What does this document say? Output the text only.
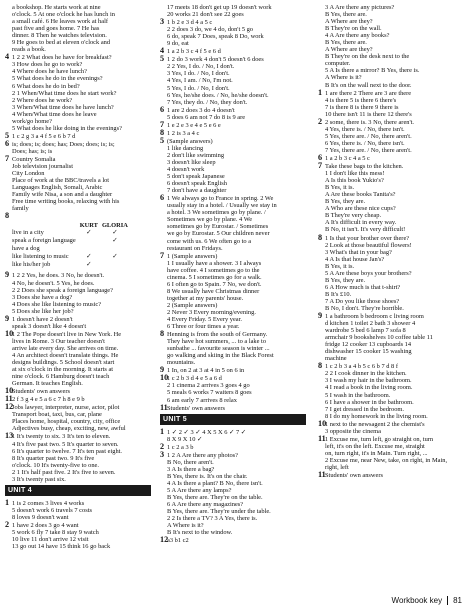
a bookshop. He starts work at nine
o'clock. 5 At one o'clock he has lunch in
a small café. 6 He leaves work at half
past five and goes home. 7 He has
dinner. 8 Then he watches television.
9 He goes to bed at eleven o'clock and
reads a book.
4 1 2 2 What does he have for breakfast?
3 How does he go to work?
4 Where does he have lunch?
5 What does he do in the evenings?
6 What does he do in bed?
2 1 When/What time does he start work?
2 Where does he work?
3 When/What time does he have lunch?
4 When/What time does he leave
work/go home?
5 What does he like doing in the evenings?
5 1 c 2 g 3 a 4 f 5 e 6 b 7 d
6 is; does; is; does; has; Does; does; is; is;
Does; has; is; is
7 Country Somalia
Job television journalist
City London
Place of work at the BBC/travels a lot
Languages English, Somali, Arabic
Family wife Nisa, a son and a daughter
Free time writing books, relaxing with his
family
8
	KURT	GLORIA
live in a city	✓	✓
speak a foreign language		✓
have a dog		
like listening to music	✓	✓
like his/her job	✓	
9 1 2 2 Yes, he does. 3 No, he doesn't.
4 No, he doesn't. 5 Yes, he does.
2 2 Does she speak a foreign language?
3 Does she have a dog?
4 Does she like listening to music?
5 Does she like her job?
9 1 doesn't have 2 doesn't
speak 3 doesn't like 4 doesn't
101 2 The Pope doesn't live in New York. He
lives in Rome. 3 Our teacher doesn't
arrive late every day. She arrives on time.
4 An architect doesn't translate things. He
designs buildings. 5 School doesn't start
at six o'clock in the morning. It starts at
nine o'clock. 6 Hamburg doesn't teach
German. It teaches English.
10Students' own answers
112 f 3 g 4 e 5 a 6 c 7 h 8 e 9 b
12Jobs lawyer, interpreter, nurse, actor, pilot
Transport boat, taxi, bus, car, plane
Places home, hospital, country, city, office
Adjectives busy, cheap, exciting, new, awful
131 It's twenty to six. 3 It's ten to eleven.
4 It's five past two. 5 It's quarter to seven.
6 It's quarter to twelve. 7 It's ten past eight.
8 It's quarter past two. 9 It's five
o'clock. 10 It's twenty-five to one.
2 1 It's half past five. 2 It's five to seven.
3 It's twenty past six.
UNIT 4
1 1 is 2 comes 3 lives 4 works
5 doesn't work 6 travels 7 costs
8 loves 9 doesn't want
2 1 have 2 does 3 go 4 want
5 work 6 fly 7 take 8 stay 9 watch
10 live 11 don't arrive 12 visit
13 go out 14 have 15 think 16 go back
17 meets 18 don't get up 19 doesn't work
20 works 21 don't see 22 goes
3 1 b 2 e 3 d 4 a 5 c
2 2 does 3 do, we 4 do, don't 5 go
6 do, speak 7 Does, speak 8 Do, work
9 do, eat
4 1 a 2 b 3 c 4 f 5 e 6 d
5 1 2 do 3 work 4 don't 5 doesn't 6 does
2 2 Yes, I do. / No, I don't.
3 Yes, I do. / No, I don't.
4 Yes, I am. / No, I'm not.
5 Yes, I do. / No, I don't.
6 Yes, he/she does. / No, he/she doesn't.
7 Yes, they do. / No, they don't.
6 1 are 2 does 3 do 4 doesn't
5 does 6 am not 7 do 8 is 9 are
7 1 e 2 e 3 e 4 e 5 e 6 e
8 1 2 is 3 a 4 c
5 (Sample answers)
1 like dancing
2 don't like swimming
3 doesn't like sleep
4 doesn't work
5 don't speak Japanese
6 doesn't speak English
7 don't have a daughter
6 1 We always go to France in spring. 2 We
usually stay in a hotel. / Usually we stay in
a hotel. 3 We sometimes go by plane. /
Sometimes we go by plane. 4 We
sometimes go by Eurostar. / Sometimes
we go by Eurostar. 5 Our children never
come with us. 6 We often go to a
restaurant on Fridays.
7 1 (Sample answers)
1 I usually have a shower. 3 I always
have coffee. 4 I sometimes go to the
cinema. 5 I sometimes go for a walk.
6 I often go to Spain. 7 No, we don't.
8 We usually have Christmas dinner
together at my parents' house.
2 (Sample answers)
2 Never 3 Every morning/evening.
4 Every Friday. 5 Every year.
6 Three or four times a year.
8 Henning is from the south of Germany.
They have hot summers, ... to a lake to
sunbathe ... favourite season is winter ...
go walking and skiing in the Black Forest
mountains.
9 1 In, on 2 at 3 at 4 in 5 on 6 in
101 c 2 b 3 d 4 e 5 a 6 d
2 1 cinema 2 arrives 3 goes 4 go
5 meals 6 works 7 waiters 8 goes
6 am early 7 arrives 8 relax
11Students' own answers
UNIT 5
1 1 ✓ 2 ✓ 3 ✓ 4 X 5 X 6 ✓ 7 ✓
8 X 9 X 10 ✓
2 1 c 2 a 3 b
3 1 2 A Are there any photos?
B No, there aren't.
3 A Is there a bag?
B Yes, there is. It's on the chair.
4 A Is there a plant? B No, there isn't.
5 A Are there any lamps?
B Yes, there are. They're on the table.
6 A Are there any magazines?
B Yes, there are. They're under the table.
2 2 Is there a TV? 3 A Yes, there is.
A Where is it?
B It's next to the window.
12a3 b1 c2
3 A Are there any pictures?
B Yes, there are.
A Where are they?
B They're on the wall.
4 A Are there any books?
B Yes, there are.
A Where are they?
B They're on the desk next to the
computer.
5 A Is there a mirror? B Yes, there is.
A Where is it?
B It's on the wall next to the door.
1 1 are there 2 There are 3 are there
4 is there 5 is there 6 there's
7 is there 8 is there 9 there is
10 there isn't 11 is there 12 there's
2 2 some, there is. 3 No, there aren't.
4 Yes, there is. / No, there isn't.
5 Yes, there are. / No, there aren't.
6 Yes, there is. / No, there isn't.
7 Yes, there are. / No, there aren't.
6 1 a 2 b 3 c 4 a 5 c
7 Take these bags to the kitchen.
1 I don't like this mess!
A Is this book Yukio's?
B Yes, it is.
A Are these books Tanita's?
B Yes, they are.
A Who are these nice cups?
B They're very cheap.
A It's difficult in every way.
B No, it isn't. It's very difficult!
8 1 Is that your brother over there?
2 Look at those beautiful flowers!
3 What's that in your bag?
4 A Is that house Jan's?
B Yes, it is.
5 A Are these boys your brothers?
B Yes, they are.
6 A How much is that t-shirt?
B It's £10.
7 A Do you like those shoes?
B No, I don't. They're horrible.
9 1 a bathroom b bedroom c living room
d kitchen 1 toilet 2 bath 3 shower 4
wardrobe 5 bed 6 lamp 7 sofa 8
armchair 9 bookshelves 10 coffee table 11
fridge 12 cooker 13 cupboards 14
dishwasher 15 cooker 15 washing
machine
8 1 c 2 b 3 a 4 b 5 c 6 b 7 d 8 f
2 2 I cook dinner in the kitchen.
3 I wash my hair in the bathroom.
4 I read a book in the living room.
5 I wash in the bathroom.
6 I have a shower in the bathroom.
7 I get dressed in the bedroom.
8 I do my homework in the living room.
101 next to the newsagent 2 the chemist's
3 opposite the cinema
111 Excuse me, turn left, go straight on, turn
left, it's on the left. Excuse me, straight
on, turn right, it's in Main. Turn right, ...
2 Excuse me, near New, take, on right, in Main,
right, left
11Students' own answers
Workbook key 81
